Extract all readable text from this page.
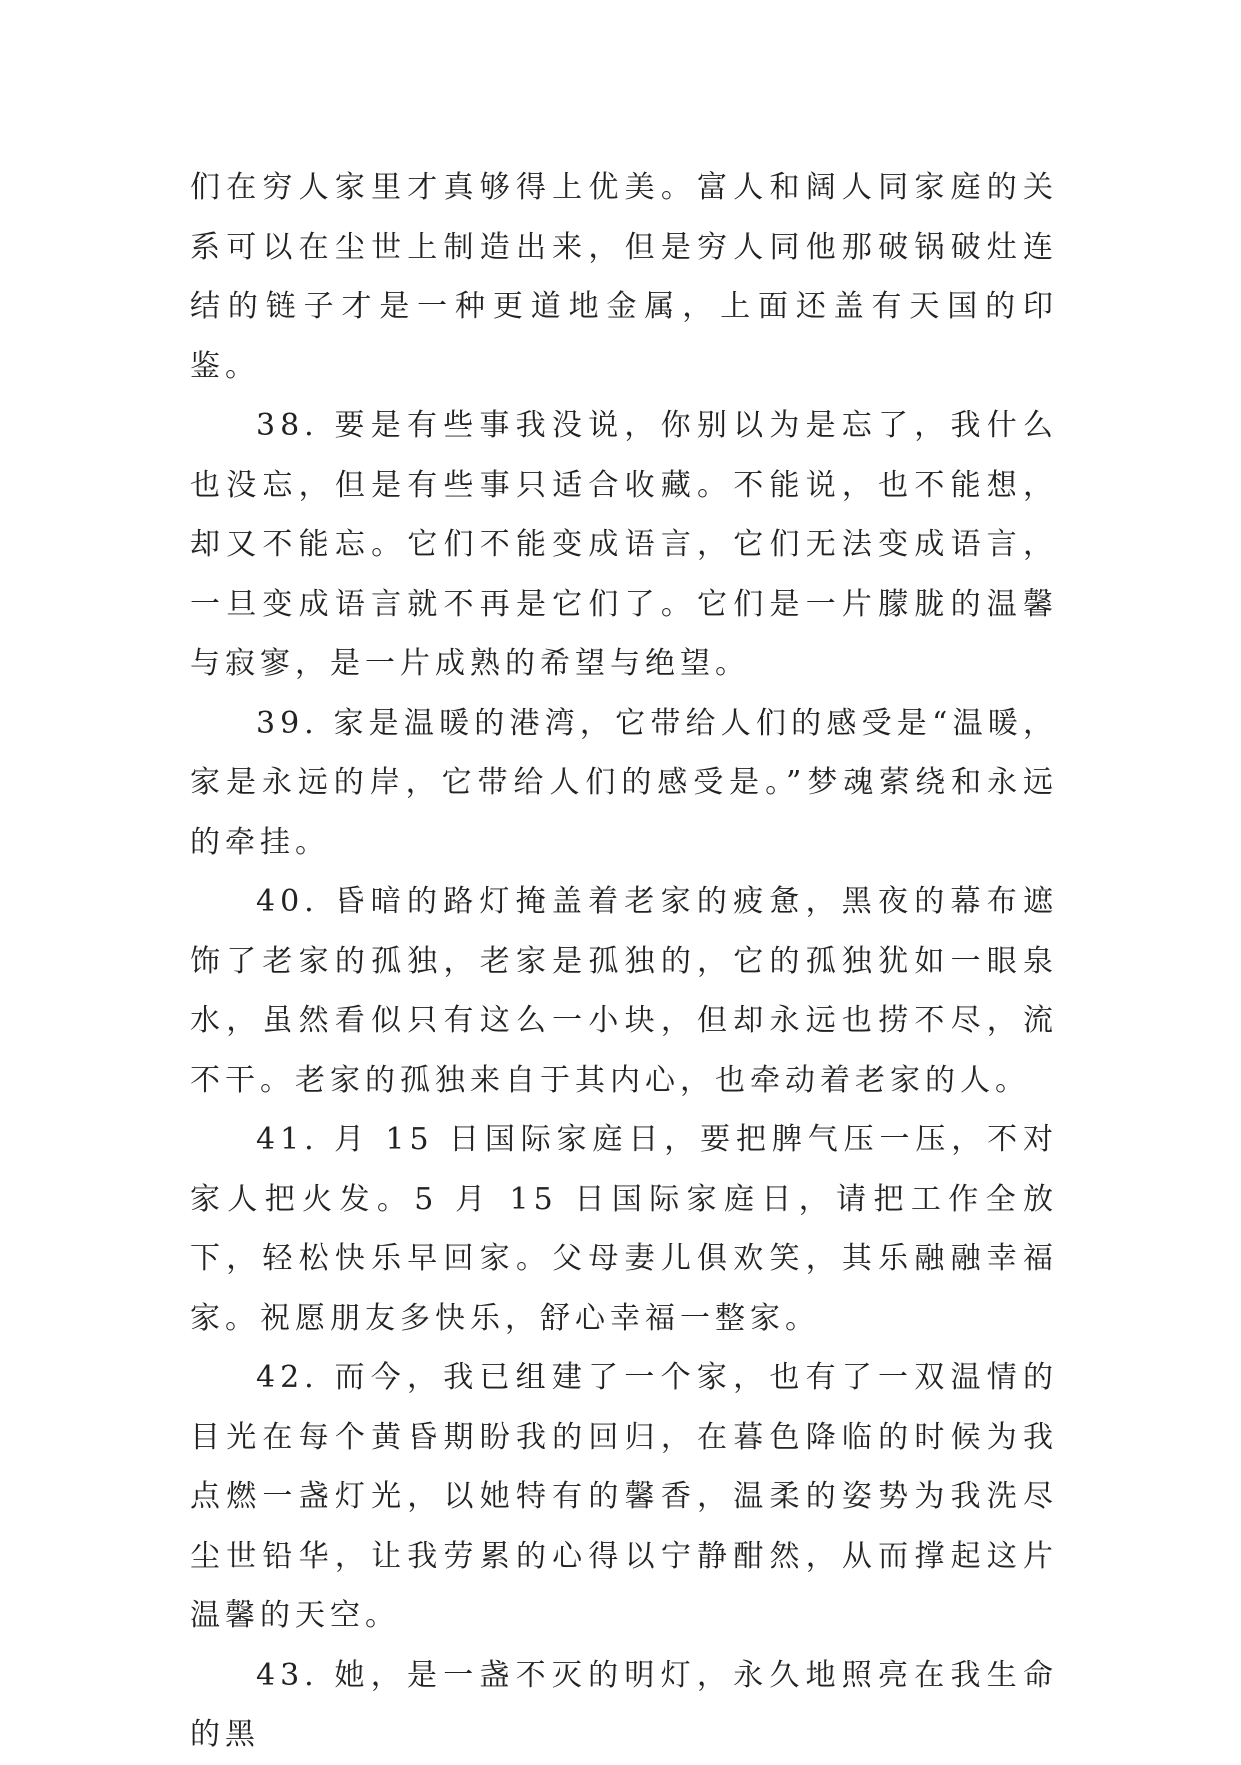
们在穷人家里才真够得上优美。富人和阔人同家庭的关系可以在尘世上制造出来，但是穷人同他那破锅破灶连结的链子才是一种更道地金属，上面还盖有天国的印鉴。

38. 要是有些事我没说，你别以为是忘了，我什么也没忘，但是有些事只适合收藏。不能说，也不能想，却又不能忘。它们不能变成语言，它们无法变成语言，一旦变成语言就不再是它们了。它们是一片朦胧的温馨与寂寥，是一片成熟的希望与绝望。

39. 家是温暖的港湾，它带给人们的感受是“温暖，家是永远的岸，它带给人们的感受是。”梦魂萦绕和永远的牵挂。

40. 昏暗的路灯掩盖着老家的疲惫，黑夜的幕布遮饰了老家的孤独，老家是孤独的，它的孤独犹如一眼泉水，虽然看似只有这么一小块，但却永远也捞不尽，流不干。老家的孤独来自于其内心，也牵动着老家的人。

41. 月 15 日国际家庭日，要把脾气压一压，不对家人把火发。5 月 15 日国际家庭日，请把工作全放下，轻松快乐早回家。父母妻儿俱欢笑，其乐融融幸福家。祝愿朋友多快乐，舒心幸福一整家。

42. 而今，我已组建了一个家，也有了一双温情的目光在每个黄昏期盼我的回归，在暮色降临的时候为我点燃一盏灯光，以她特有的馨香，温柔的姿势为我洗尽尘世铅华，让我劳累的心得以宁静酣然，从而撑起这片温馨的天空。

43. 她，是一盏不灭的明灯，永久地照亮在我生命的黑
